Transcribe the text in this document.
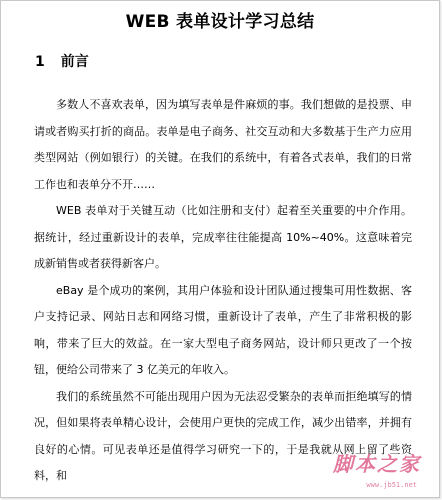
WEB 表单设计学习总结
1 前言

多数人不喜欢表单，因为填写表单是件麻烦的事。我们想做的是投票、申请或者购买打折的商品。表单是电子商务、社交互动和大多数基于生产力应用类型网站（例如银行）的关键。在我们的系统中，有着各式表单，我们的日常工作也和表单分不开……

WEB 表单对于关键互动（比如注册和支付）起着至关重要的中介作用。据统计，经过重新设计的表单，完成率往往能提高 10%~40%。这意味着完成新销售或者获得新客户。

eBay 是个成功的案例，其用户体验和设计团队通过搜集可用性数据、客户支持记录、网站日志和网络习惯，重新设计了表单，产生了非常积极的影响，带来了巨大的效益。在一家大型电子商务网站，设计师只更改了一个按钮，便给公司带来了 3 亿美元的年收入。

我们的系统虽然不可能出现用户因为无法忍受繁杂的表单而拒绝填写的情况，但如果将表单精心设计，会使用户更快的完成工作，减少出错率，并拥有良好的心情。可见表单还是值得学习研究一下的，于是我就从网上留了些资料，和	脚本之家
www.jb51.net
